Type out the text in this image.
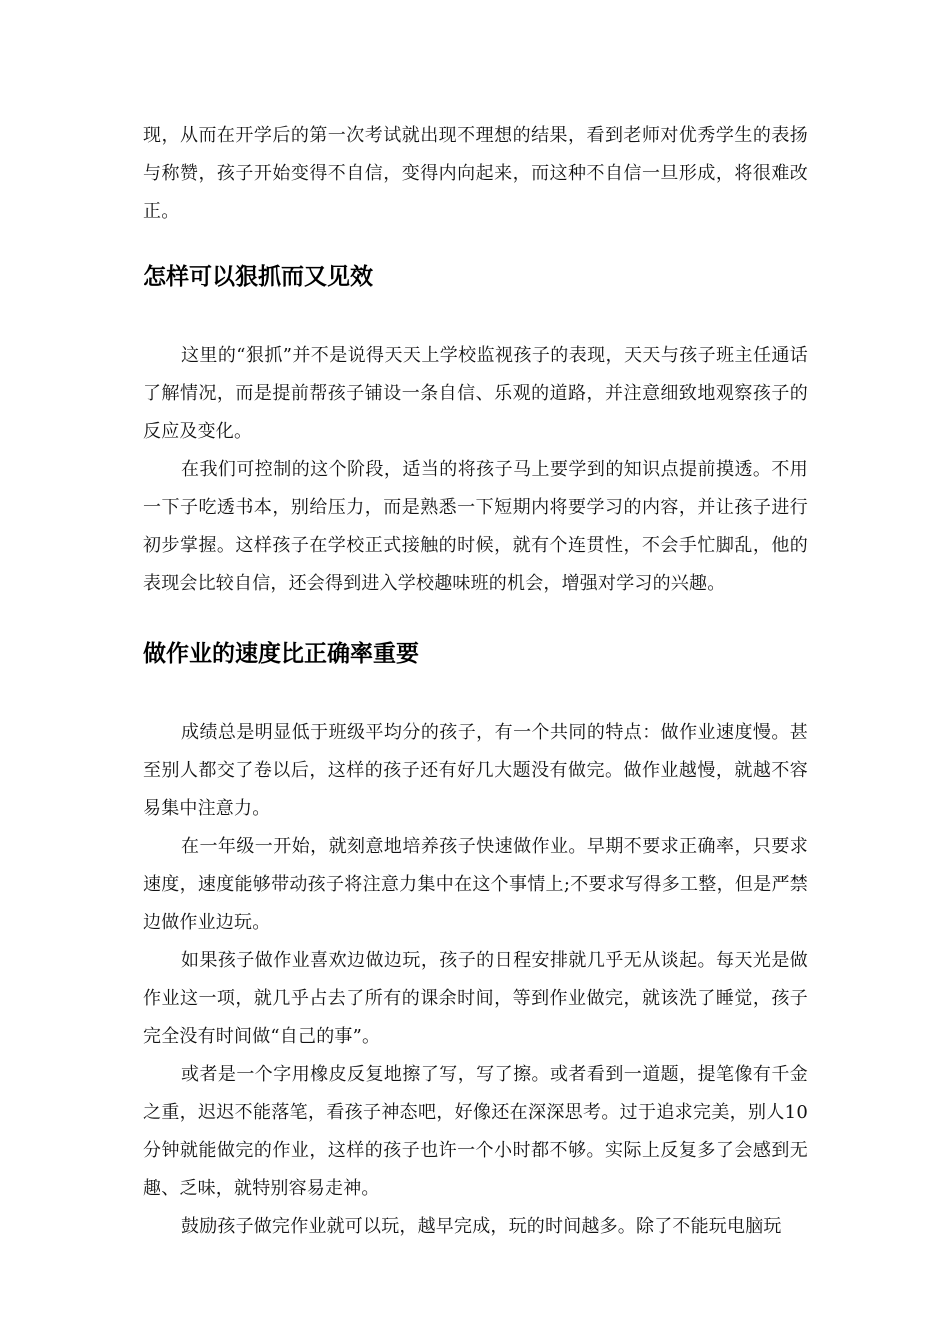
现，从而在开学后的第一次考试就出现不理想的结果，看到老师对优秀学生的表扬与称赞，孩子开始变得不自信，变得内向起来，而这种不自信一旦形成，将很难改正。

怎样可以狠抓而又见效

这里的“狠抓”并不是说得天天上学校监视孩子的表现，天天与孩子班主任通话了解情况，而是提前帮孩子铺设一条自信、乐观的道路，并注意细致地观察孩子的反应及变化。

在我们可控制的这个阶段，适当的将孩子马上要学到的知识点提前摸透。不用一下子吃透书本，别给压力，而是熟悉一下短期内将要学习的内容，并让孩子进行初步掌握。这样孩子在学校正式接触的时候，就有个连贯性，不会手忙脚乱，他的表现会比较自信，还会得到进入学校趣味班的机会，增强对学习的兴趣。

做作业的速度比正确率重要

成绩总是明显低于班级平均分的孩子，有一个共同的特点：做作业速度慢。甚至别人都交了卷以后，这样的孩子还有好几大题没有做完。做作业越慢，就越不容易集中注意力。

在一年级一开始，就刻意地培养孩子快速做作业。早期不要求正确率，只要求速度，速度能够带动孩子将注意力集中在这个事情上;不要求写得多工整，但是严禁边做作业边玩。

如果孩子做作业喜欢边做边玩，孩子的日程安排就几乎无从谈起。每天光是做作业这一项，就几乎占去了所有的课余时间，等到作业做完，就该洗了睡觉，孩子完全没有时间做“自己的事”。

或者是一个字用橡皮反复地擦了写，写了擦。或者看到一道题，提笔像有千金之重，迟迟不能落笔，看孩子神态吧，好像还在深深思考。过于追求完美，别人10分钟就能做完的作业，这样的孩子也许一个小时都不够。实际上反复多了会感到无趣、乏味，就特别容易走神。

鼓励孩子做完作业就可以玩，越早完成，玩的时间越多。除了不能玩电脑玩
